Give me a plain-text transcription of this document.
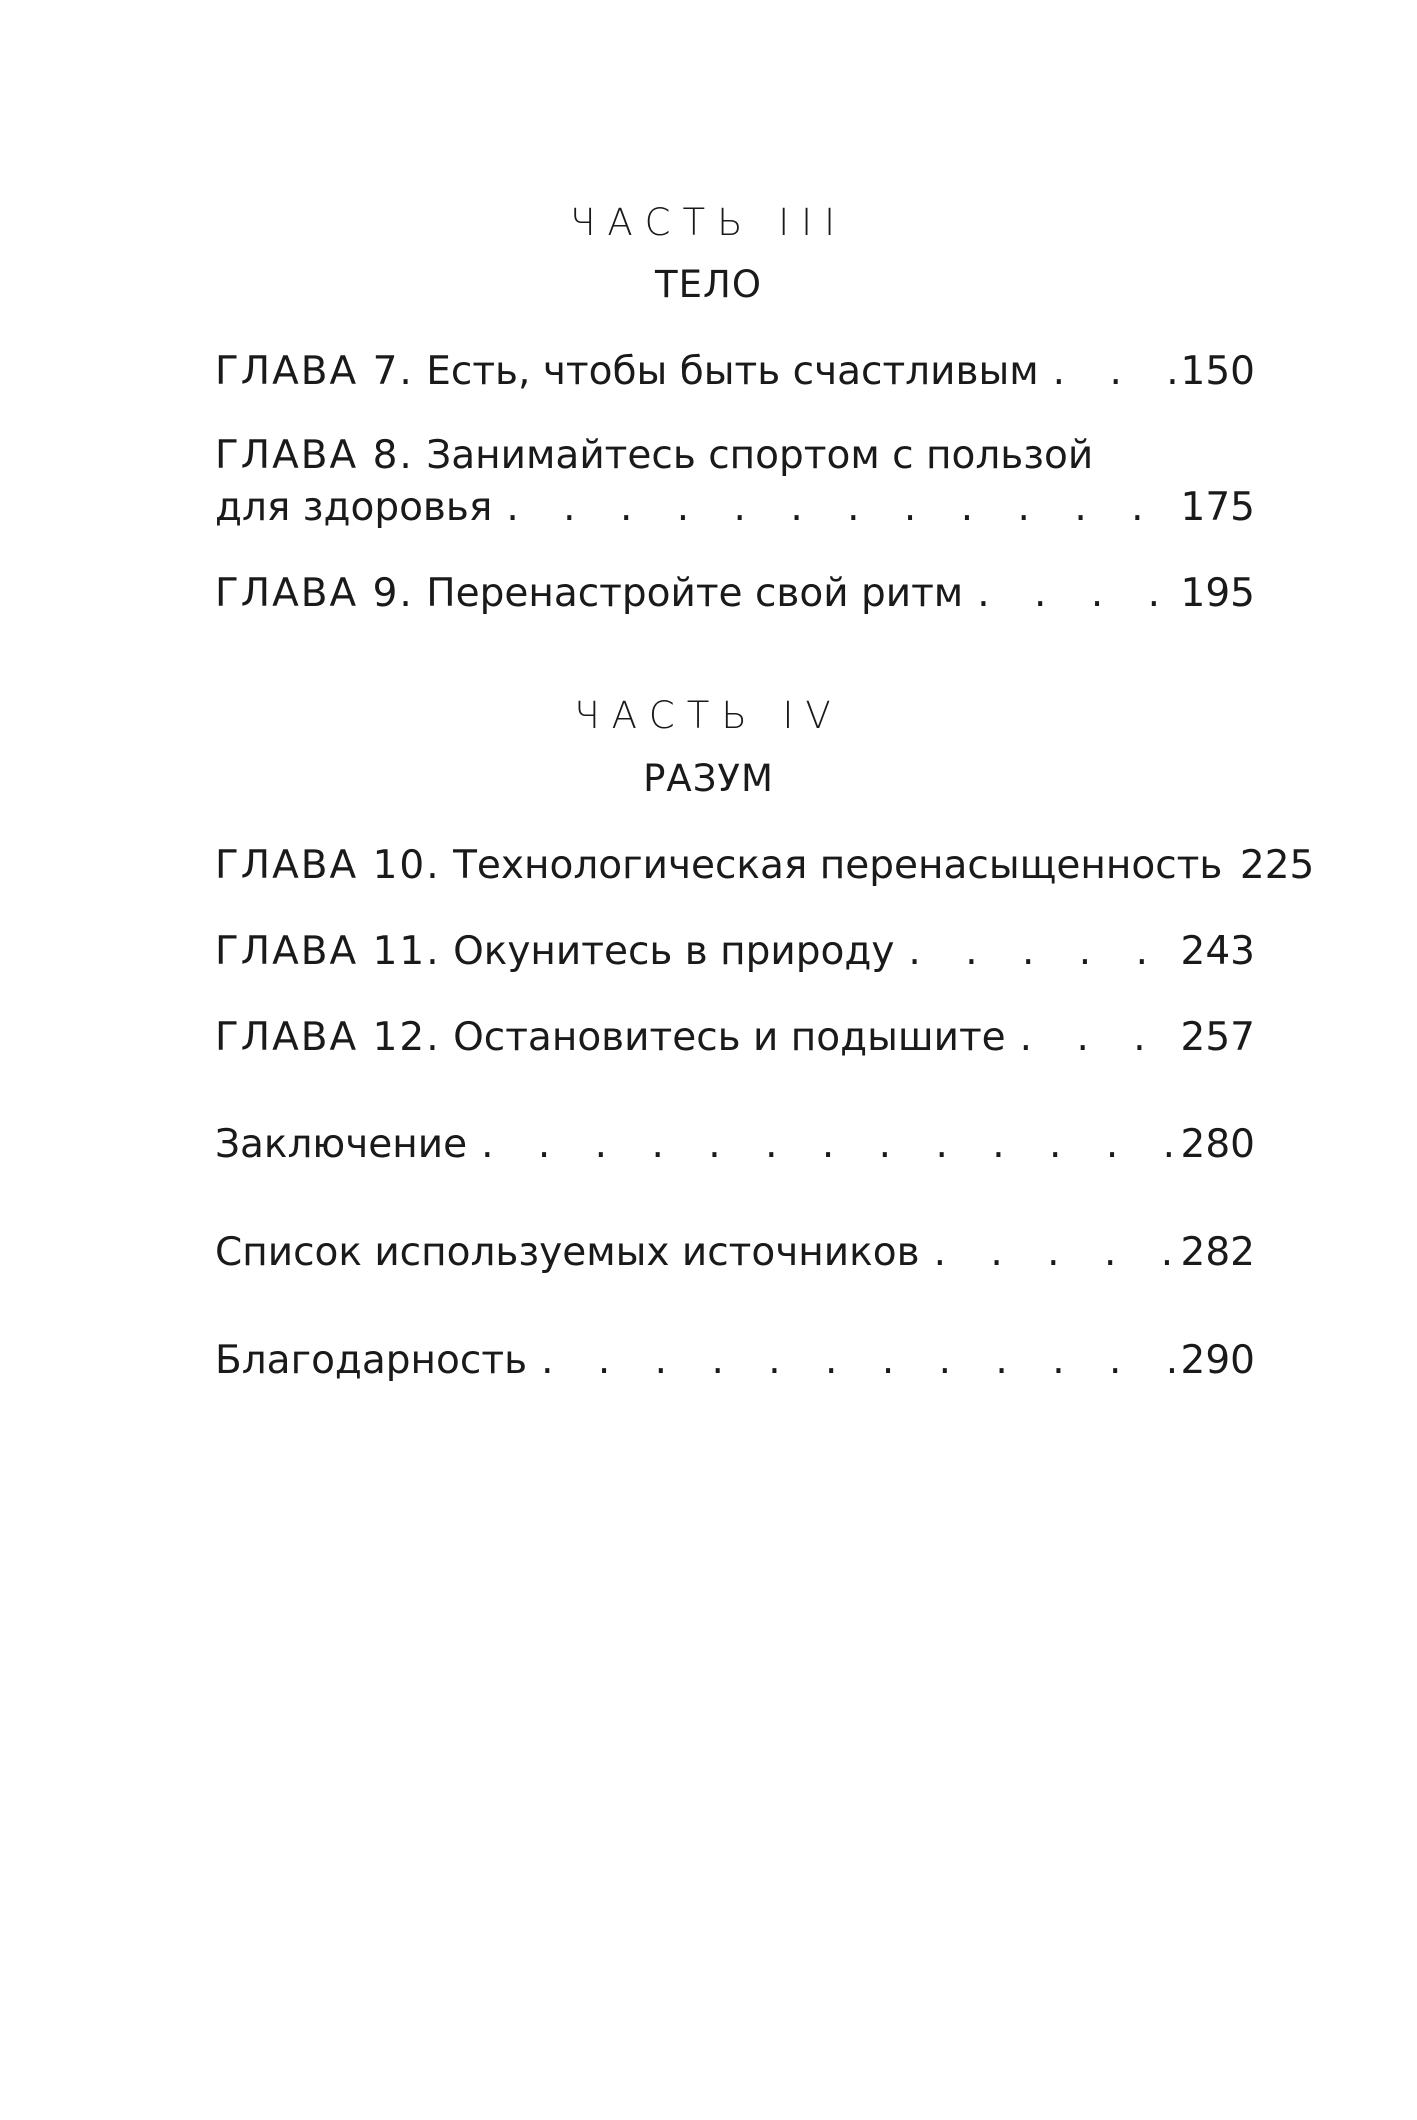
ЧАСТЬ III
ТЕЛО
ГЛАВА 7. Есть, чтобы быть счастливым . . .	150
ГЛАВА 8. Занимайтесь спортом с пользой
для здоровья . . .	175
ГЛАВА 9. Перенастройте свой ритм . . .	195
ЧАСТЬ IV
РАЗУМ
ГЛАВА 10. Технологическая перенасыщенность . . . 225
ГЛАВА 11. Окунитесь в природу . . .	243
ГЛАВА 12. Остановитесь и подышите . . .	257
Заключение . . .	280
Список используемых источников . . .	282
Благодарность . . .	290
